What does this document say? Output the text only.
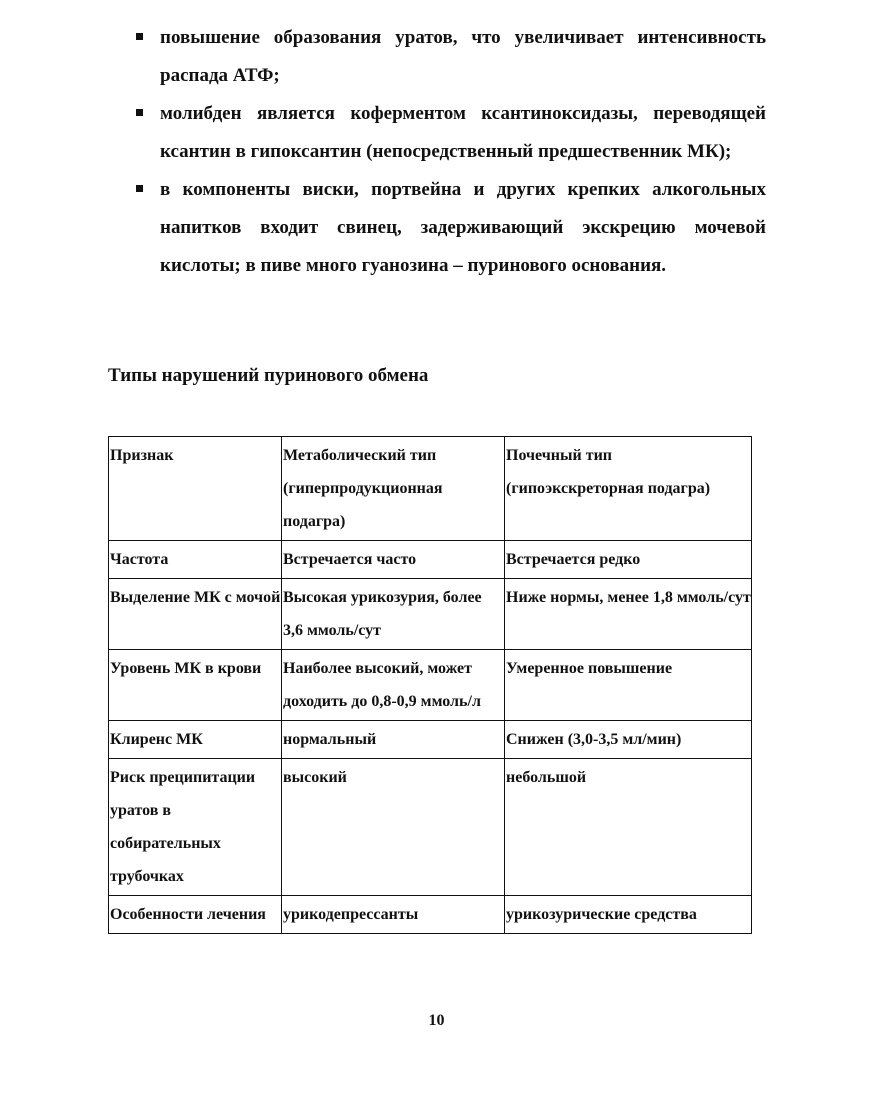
повышение образования уратов, что увеличивает интенсивность распада АТФ;
молибден является коферментом ксантиноксидазы, переводящей ксантин в гипоксантин (непосредственный предшественник МК);
в компоненты виски, портвейна и других крепких алкогольных напитков входит свинец, задерживающий экскрецию мочевой кислоты; в пиве много гуанозина – пуринового основания.
Типы нарушений пуринового обмена
Признак	Метаболический тип (гиперпродукционная подагра)	Почечный тип (гипоэкскреторная подагра)
Частота	Встречается часто	Встречается редко
Выделение МК с мочой	Высокая урикозурия, более 3,6 ммоль/сут	Ниже нормы, менее 1,8 ммоль/сут
Уровень МК в крови	Наиболее высокий, может доходить до 0,8-0,9 ммоль/л	Умеренное повышение
Клиренс МК	нормальный	Снижен (3,0-3,5 мл/мин)
Риск преципитации уратов в собирательных трубочках	высокий	небольшой
Особенности лечения	урикодепрессанты	урикозурические средства
10
